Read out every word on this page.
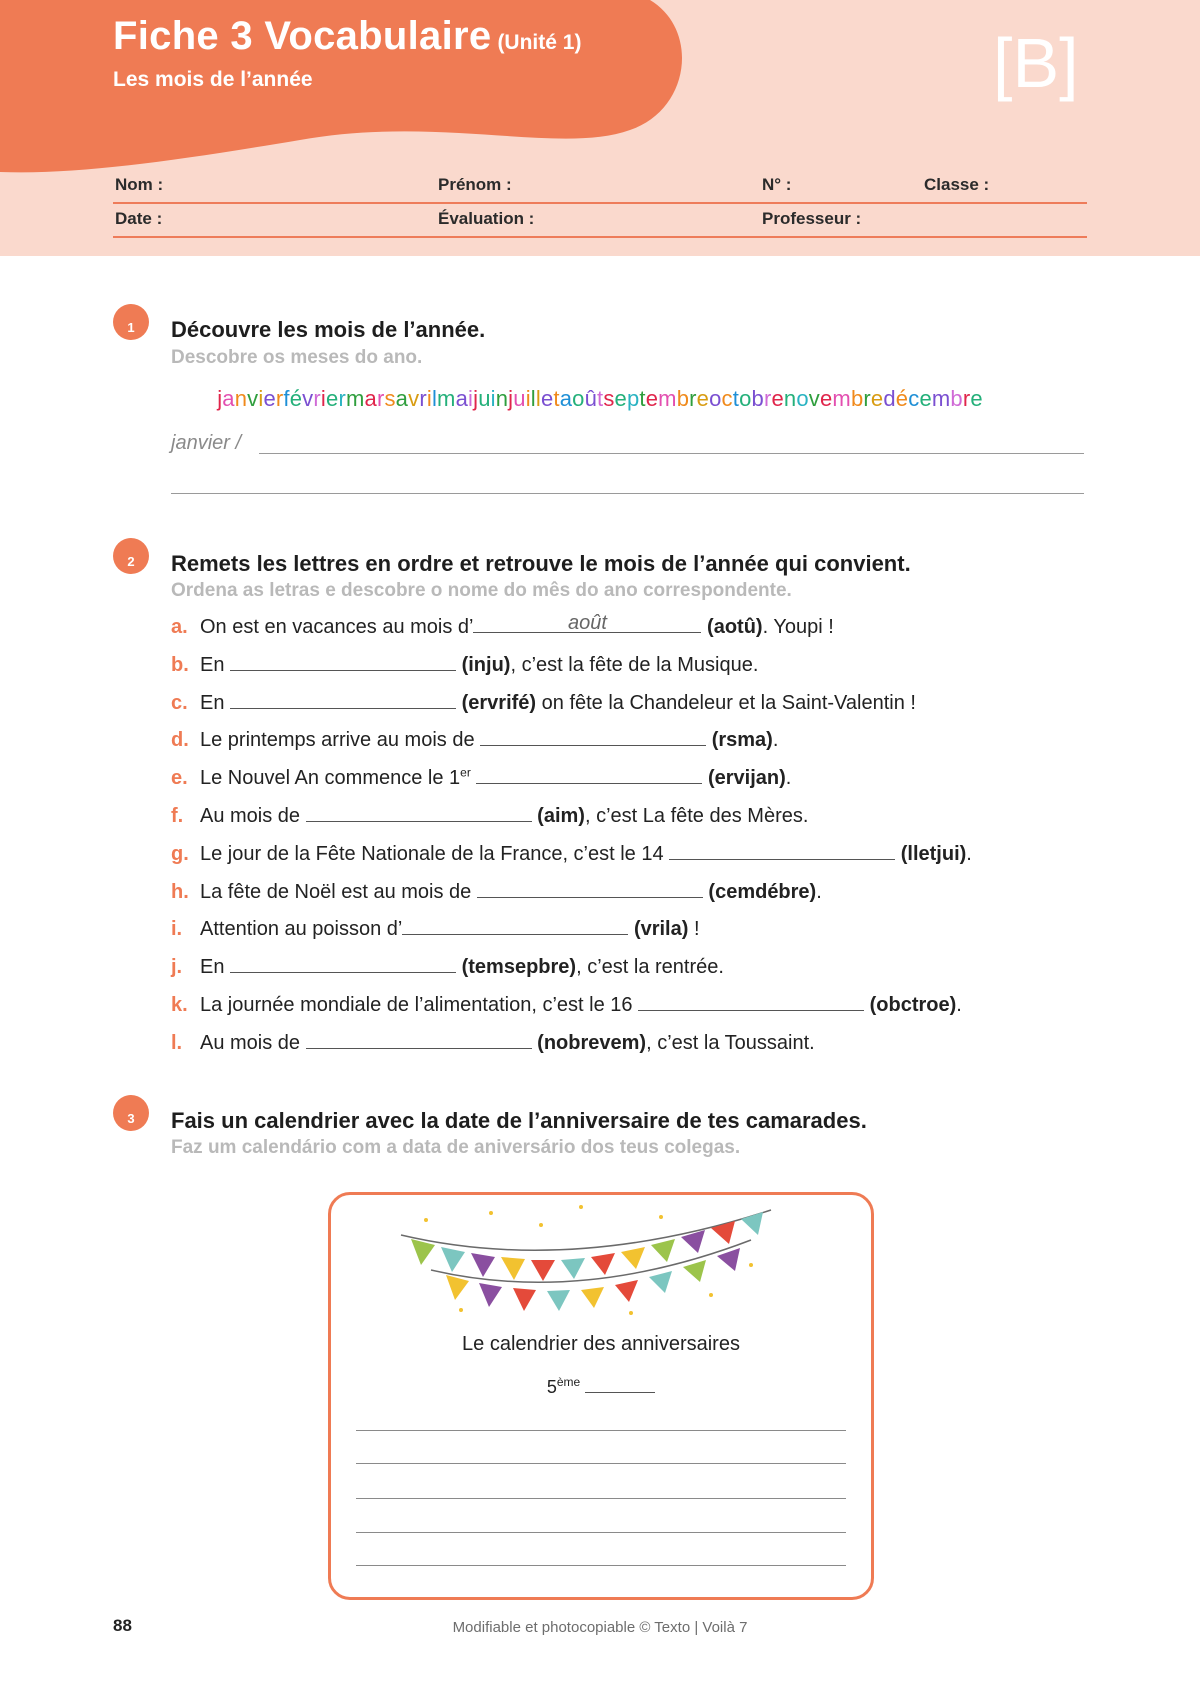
Fiche 3 Vocabulaire (Unité 1)
Les mois de l’année	[B]
Nom :	Prénom :	N° :	Classe :
Date :	Évaluation :	Professeur :
1	Découvre les mois de l’année.
Descobre os meses do ano.
janvierfévriermarsavrilmaijuinjuilletaoûtseptembreoctobrenovembredécembre
janvier /
2	Remets les lettres en ordre et retrouve le mois de l’année qui convient.
Ordena as letras e descobre o nome do mês do ano correspondente.
a. On est en vacances au mois d’	août	(aotû). Youpi !
b. En	(inju), c’est la fête de la Musique.
c. En	(ervrifé) on fête la Chandeleur et la Saint-Valentin !
d. Le printemps arrive au mois de	(rsma).
e. Le Nouvel An commence le 1er	(ervijan).
f. Au mois de	(aim), c’est La fête des Mères.
g. Le jour de la Fête Nationale de la France, c’est le 14	(lletjui).
h. La fête de Noël est au mois de	(cemdébre).
i. Attention au poisson d’	(vrila) !
j. En	(temsepbre), c’est la rentrée.
k. La journée mondiale de l’alimentation, c’est le 16	(obctroe).
l. Au mois de	(nobrevem), c’est la Toussaint.
3	Fais un calendrier avec la date de l’anniversaire de tes camarades.
Faz um calendário com a data de aniversário dos teus colegas.
Le calendrier des anniversaires
5ème
88	Modifiable et photocopiable © Texto | Voilà 7
